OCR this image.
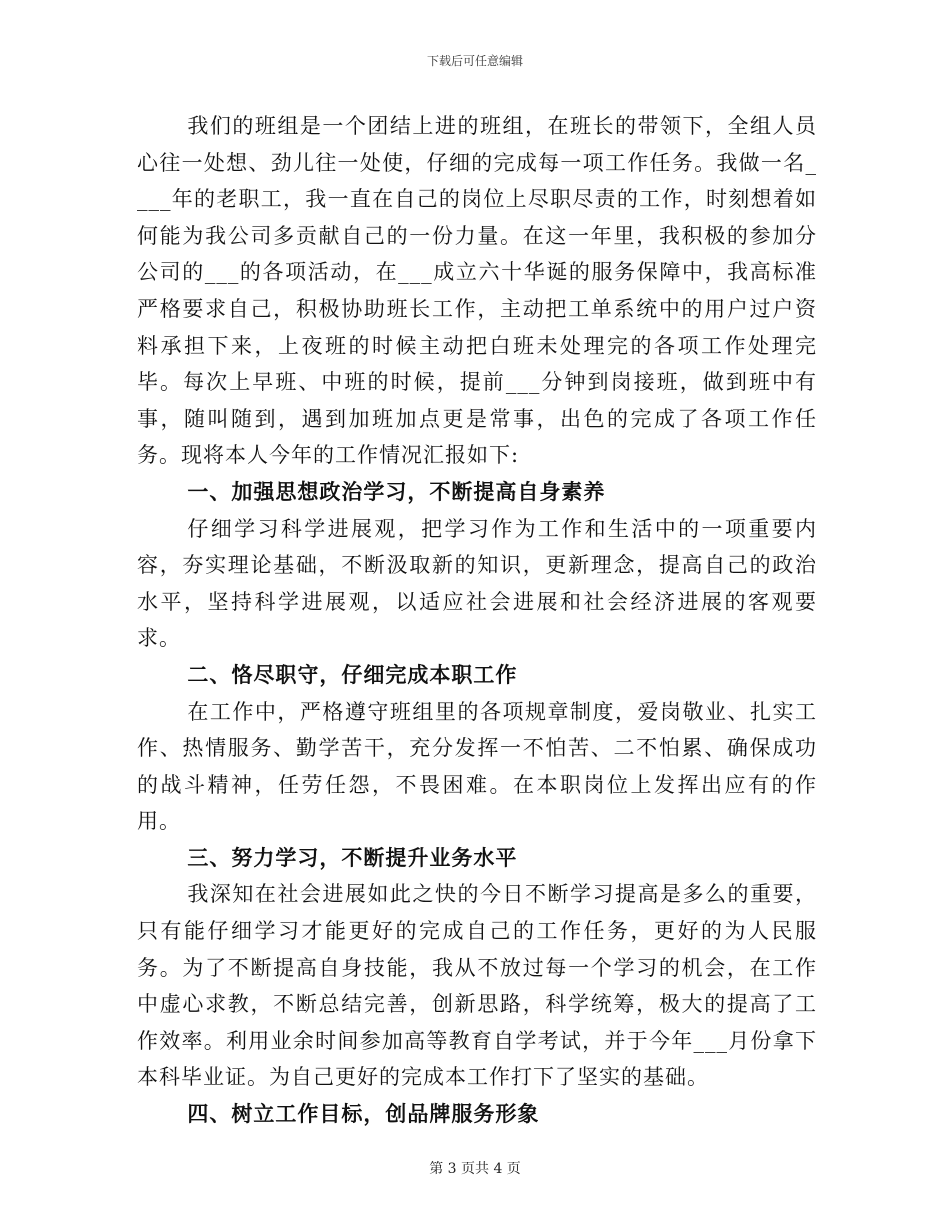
下载后可任意编辑

我们的班组是一个团结上进的班组，在班长的带领下，全组人员心往一处想、劲儿往一处使，仔细的完成每一项工作任务。我做一名____年的老职工，我一直在自己的岗位上尽职尽责的工作，时刻想着如何能为我公司多贡献自己的一份力量。在这一年里，我积极的参加分公司的___的各项活动，在___成立六十华诞的服务保障中，我高标准严格要求自己，积极协助班长工作，主动把工单系统中的用户过户资料承担下来，上夜班的时候主动把白班未处理完的各项工作处理完毕。每次上早班、中班的时候，提前___分钟到岗接班，做到班中有事，随叫随到，遇到加班加点更是常事，出色的完成了各项工作任务。现将本人今年的工作情况汇报如下:

一、加强思想政治学习，不断提高自身素养

仔细学习科学进展观，把学习作为工作和生活中的一项重要内容，夯实理论基础，不断汲取新的知识，更新理念，提高自己的政治水平，坚持科学进展观，以适应社会进展和社会经济进展的客观要求。

二、恪尽职守，仔细完成本职工作

在工作中，严格遵守班组里的各项规章制度，爱岗敬业、扎实工作、热情服务、勤学苦干，充分发挥一不怕苦、二不怕累、确保成功的战斗精神，任劳任怨，不畏困难。在本职岗位上发挥出应有的作用。

三、努力学习，不断提升业务水平

我深知在社会进展如此之快的今日不断学习提高是多么的重要，只有能仔细学习才能更好的完成自己的工作任务，更好的为人民服务。为了不断提高自身技能，我从不放过每一个学习的机会，在工作中虚心求教，不断总结完善，创新思路，科学统筹，极大的提高了工作效率。利用业余时间参加高等教育自学考试，并于今年___月份拿下本科毕业证。为自己更好的完成本工作打下了坚实的基础。

四、树立工作目标，创品牌服务形象

第 3 页共 4 页
